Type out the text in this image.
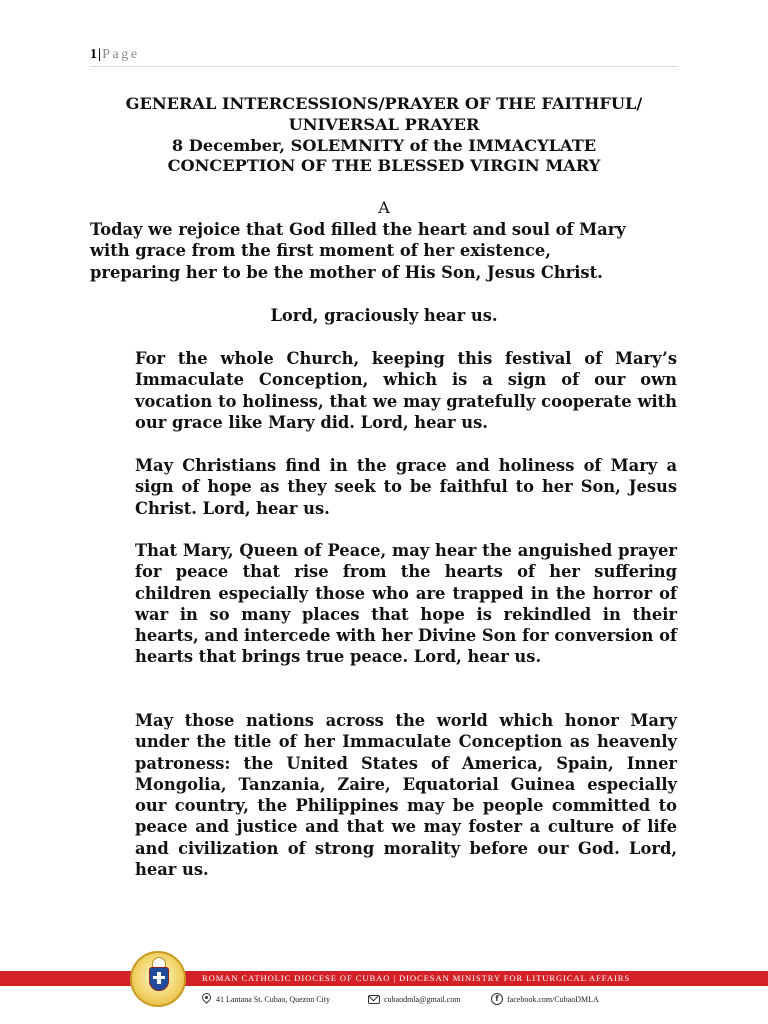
1|Page
GENERAL INTERCESSIONS/PRAYER OF THE FAITHFUL/
UNIVERSAL PRAYER
8 December, SOLEMNITY of the IMMACYLATE
CONCEPTION OF THE BLESSED VIRGIN MARY
A
Today we rejoice that God filled the heart and soul of Mary
with grace from the first moment of her existence,
preparing her to be the mother of His Son, Jesus Christ.
Lord, graciously hear us.

For the whole Church, keeping this festival of Mary’s Immaculate Conception, which is a sign of our own vocation to holiness, that we may gratefully cooperate with our grace like Mary did. Lord, hear us.

May Christians find in the grace and holiness of Mary a sign of hope as they seek to be faithful to her Son, Jesus Christ. Lord, hear us.

That Mary, Queen of Peace, may hear the anguished prayer for peace that rise from the hearts of her suffering children especially those who are trapped in the horror of war in so many places that hope is rekindled in their hearts, and intercede with her Divine Son for conversion of hearts that brings true peace. Lord, hear us.

May those nations across the world which honor Mary under the title of her Immaculate Conception as heavenly patroness: the United States of America, Spain, Inner Mongolia, Tanzania, Zaire, Equatorial Guinea especially our country, the Philippines may be people committed to peace and justice and that we may foster a culture of life and civilization of strong morality before our God. Lord, hear us.

ROMAN CATHOLIC DIOCESE OF CUBAO | DIOCESAN MINISTRY FOR LITURGICAL AFFAIRS
41 Lantana St. Cubao, Quezon City	cubaodmla@gmail.com	f	facebook.com/CubaoDMLA
